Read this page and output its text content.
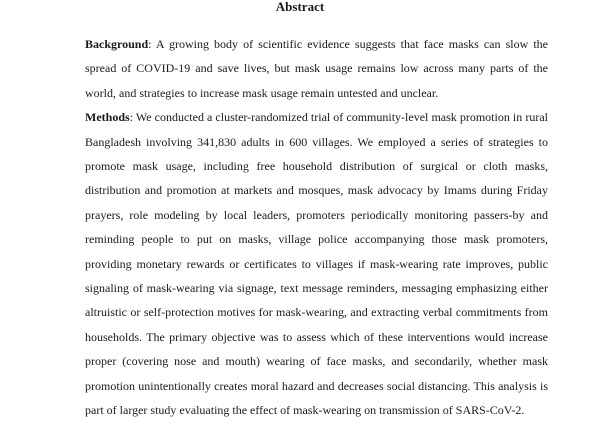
Abstract

Background: A growing body of scientific evidence suggests that face masks can slow the spread of COVID-19 and save lives, but mask usage remains low across many parts of the world, and strategies to increase mask usage remain untested and unclear.

Methods: We conducted a cluster-randomized trial of community-level mask promotion in rural Bangladesh involving 341,830 adults in 600 villages. We employed a series of strategies to promote mask usage, including free household distribution of surgical or cloth masks, distribution and promotion at markets and mosques, mask advocacy by Imams during Friday prayers, role modeling by local leaders, promoters periodically monitoring passers-by and reminding people to put on masks, village police accompanying those mask promoters, providing monetary rewards or certificates to villages if mask-wearing rate improves, public signaling of mask-wearing via signage, text message reminders, messaging emphasizing either altruistic or self-protection motives for mask-wearing, and extracting verbal commitments from households. The primary objective was to assess which of these interventions would increase proper (covering nose and mouth) wearing of face masks, and secondarily, whether mask promotion unintentionally creates moral hazard and decreases social distancing. This analysis is part of larger study evaluating the effect of mask-wearing on transmission of SARS-CoV-2.
